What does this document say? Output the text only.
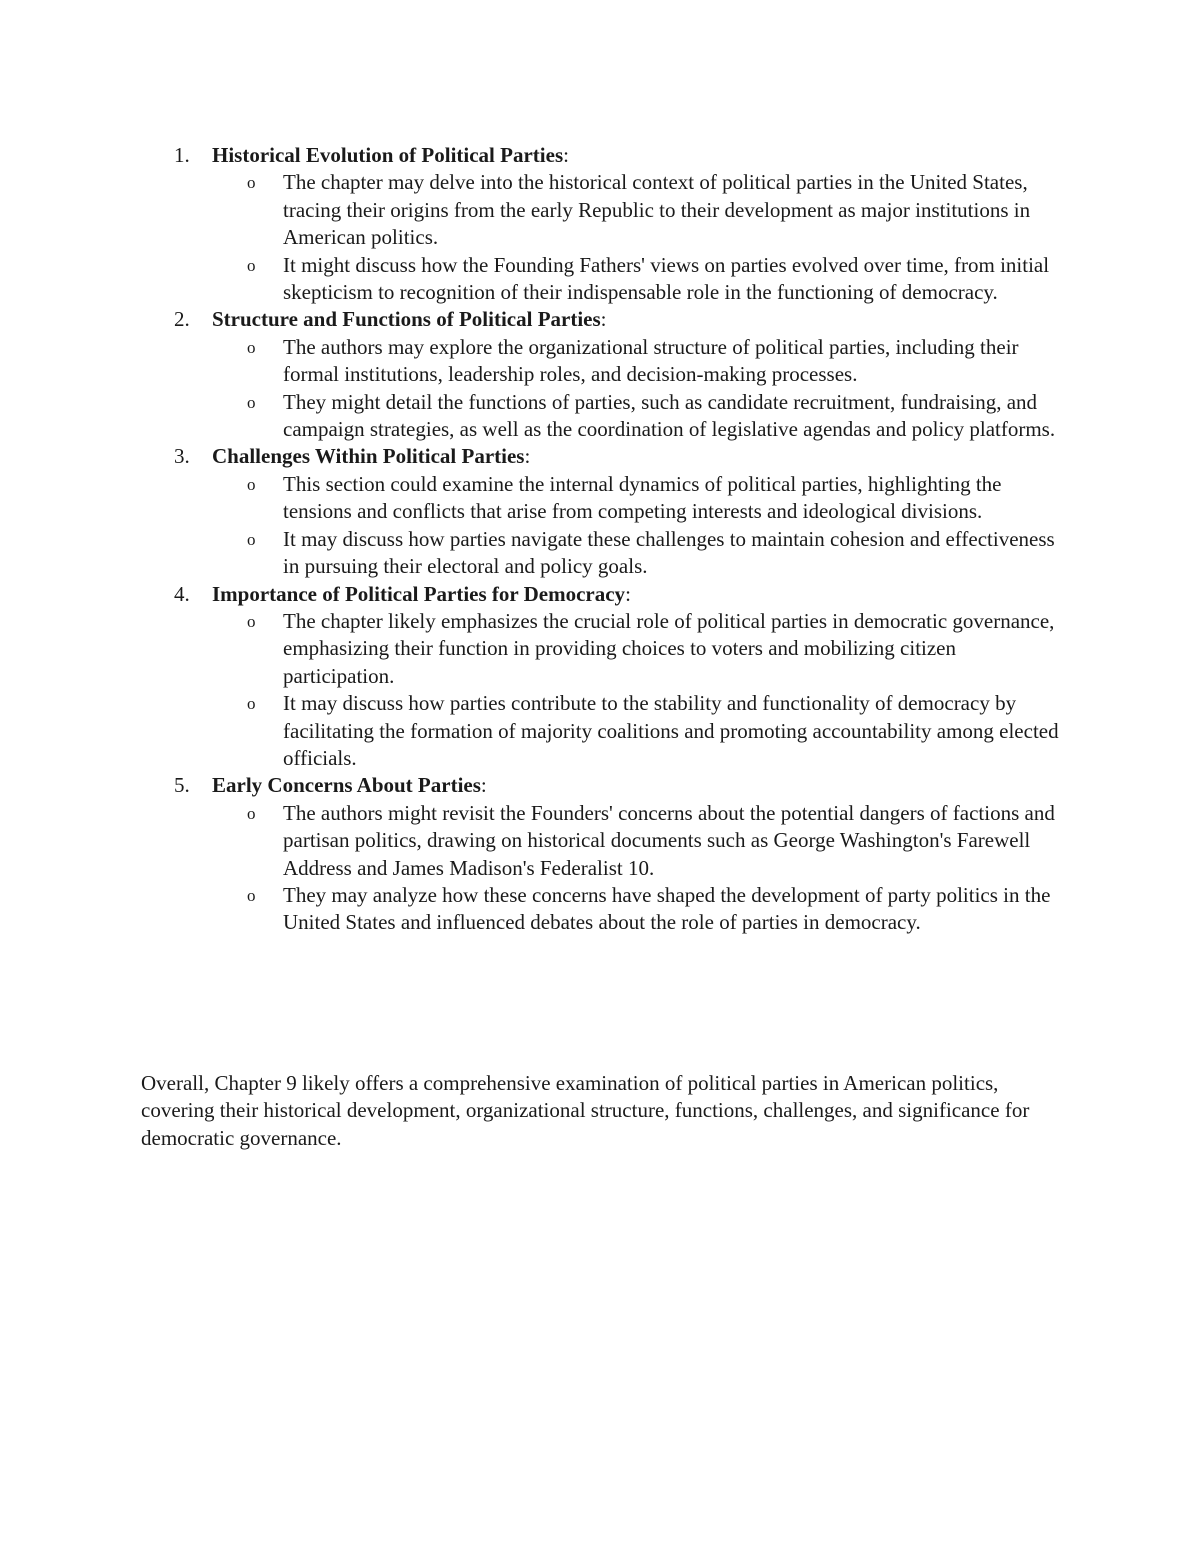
1. Historical Evolution of Political Parties:
o The chapter may delve into the historical context of political parties in the United States, tracing their origins from the early Republic to their development as major institutions in American politics.
o It might discuss how the Founding Fathers' views on parties evolved over time, from initial skepticism to recognition of their indispensable role in the functioning of democracy.
2. Structure and Functions of Political Parties:
o The authors may explore the organizational structure of political parties, including their formal institutions, leadership roles, and decision-making processes.
o They might detail the functions of parties, such as candidate recruitment, fundraising, and campaign strategies, as well as the coordination of legislative agendas and policy platforms.
3. Challenges Within Political Parties:
o This section could examine the internal dynamics of political parties, highlighting the tensions and conflicts that arise from competing interests and ideological divisions.
o It may discuss how parties navigate these challenges to maintain cohesion and effectiveness in pursuing their electoral and policy goals.
4. Importance of Political Parties for Democracy:
o The chapter likely emphasizes the crucial role of political parties in democratic governance, emphasizing their function in providing choices to voters and mobilizing citizen participation.
o It may discuss how parties contribute to the stability and functionality of democracy by facilitating the formation of majority coalitions and promoting accountability among elected officials.
5. Early Concerns About Parties:
o The authors might revisit the Founders' concerns about the potential dangers of factions and partisan politics, drawing on historical documents such as George Washington's Farewell Address and James Madison's Federalist 10.
o They may analyze how these concerns have shaped the development of party politics in the United States and influenced debates about the role of parties in democracy.

Overall, Chapter 9 likely offers a comprehensive examination of political parties in American politics, covering their historical development, organizational structure, functions, challenges, and significance for democratic governance.
